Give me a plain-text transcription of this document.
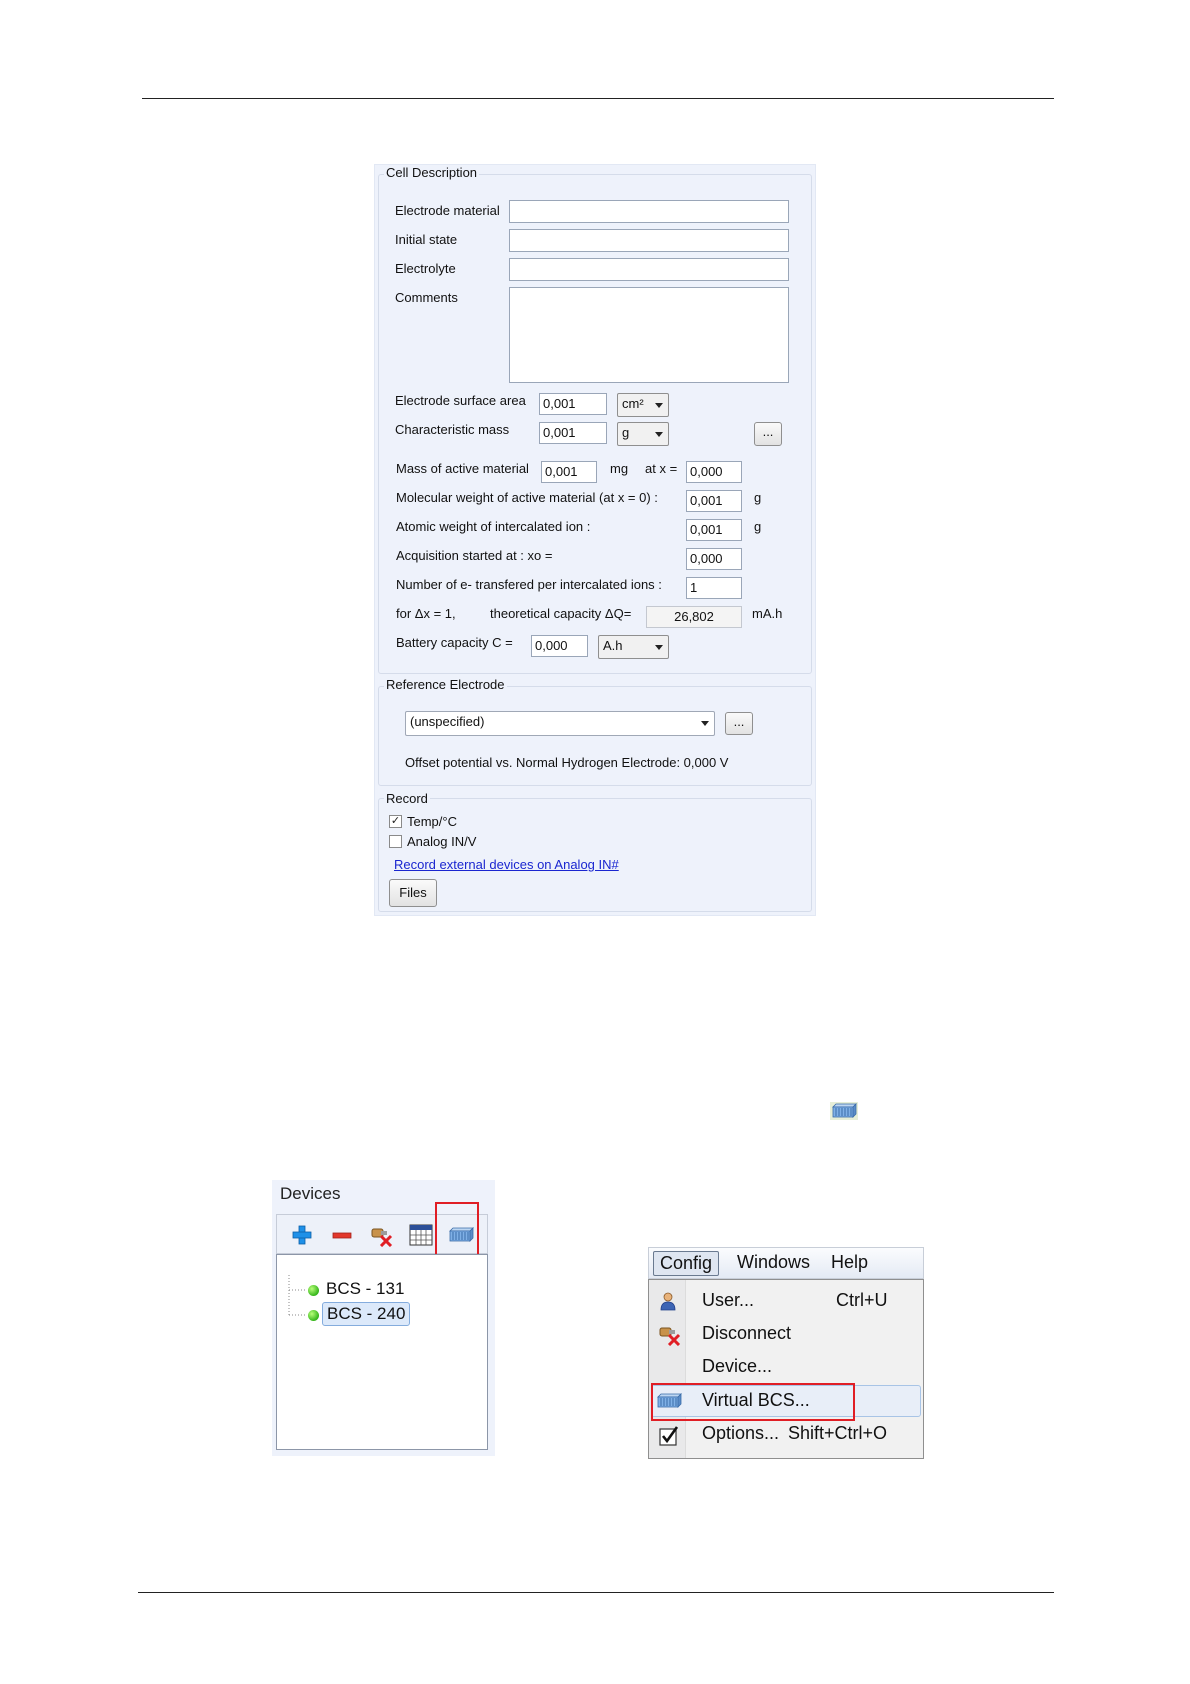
Cell Description
Electrode material
Initial state
Electrolyte
Comments
Electrode surface area	0,001	cm²
Characteristic mass	0,001	g	...
Mass of active material	0,001	mg at x = 0,000
Molecular weight of active material (at x = 0) :	0,001	g
Atomic weight of intercalated ion :	0,001	g
Acquisition started at : xo =	0,000
Number of e- transfered per intercalated ions :	1
for Δx = 1,	theoretical capacity ΔQ=	26,802	mA.h
Battery capacity C =	0,000	A.h
Reference Electrode
(unspecified)	...
Offset potential vs. Normal Hydrogen Electrode: 0,000 V
Record
✓ Temp/°C
Analog IN/V
Record external devices on Analog IN#
Files
Devices
BCS - 131
BCS - 240
Config	Windows Help
User...	Ctrl+U
Disconnect
Device...
Virtual BCS...
Options... Shift+Ctrl+O
